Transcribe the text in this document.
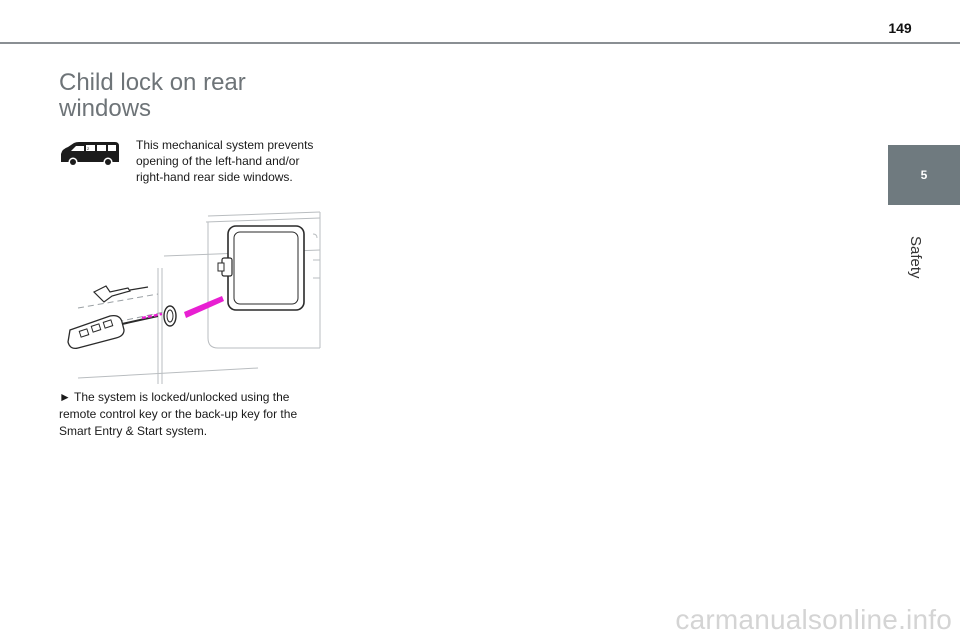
149
5
Safety
Child lock on rear windows
2	This mechanical system prevents opening of the left-hand and/or right-hand rear side windows.

► The system is locked/unlocked using the remote control key or the back-up key for the Smart Entry & Start system.

carmanualsonline.info
